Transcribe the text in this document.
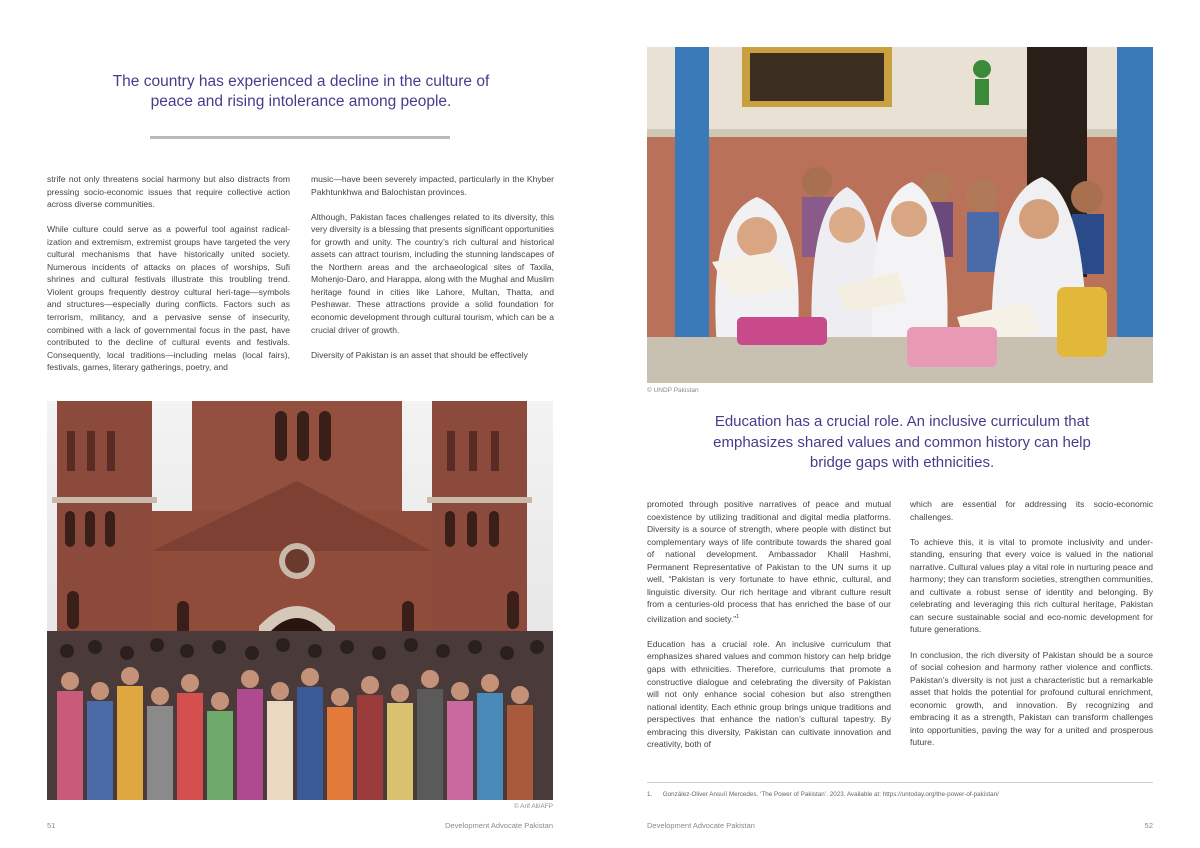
The country has experienced a decline in the culture of peace and rising intolerance among people.

strife not only threatens social harmony but also distracts from pressing socio-economic issues that require collective action across diverse communities.

While culture could serve as a powerful tool against radical-ization and extremism, extremist groups have targeted the very cultural mechanisms that have historically united society. Numerous incidents of attacks on places of worships, Sufi shrines and cultural festivals illustrate this troubling trend. Violent groups frequently destroy cultural heri-tage—symbols and structures—especially during conflicts. Factors such as terrorism, militancy, and a pervasive sense of insecurity, combined with a lack of governmental focus in the past, have contributed to the decline of cultural events and festivals. Consequently, local traditions—including melas (local fairs), festivals, games, literary gatherings, poetry, and

music—have been severely impacted, particularly in the Khyber Pakhtunkhwa and Balochistan provinces.

Although, Pakistan faces challenges related to its diversity, this very diversity is a blessing that presents significant opportunities for growth and unity. The country’s rich cultural and historical assets can attract tourism, including the stunning landscapes of the Northern areas and the archaeological sites of Taxila, Mohenjo-Daro, and Harappa, along with the Mughal and Muslim heritage found in cities like Lahore, Multan, Thatta, and Peshawar. These attractions provide a solid foundation for economic development through cultural tourism, which can be a crucial driver of growth.

Diversity of Pakistan is an asset that should be effectively

© Arif Ali/AFP
51	Development Advocate Pakistan
© UNDP Pakistan
Education has a crucial role. An inclusive curriculum that emphasizes shared values and common history can help bridge gaps with ethnicities.

promoted through positive narratives of peace and mutual coexistence by utilizing traditional and digital media platforms. Diversity is a source of strength, where people with distinct but complementary ways of life contribute towards the shared goal of national development. Ambassador Khalil Hashmi, Permanent Representative of Pakistan to the UN sums it up well, “Pakistan is very fortunate to have ethnic, cultural, and linguistic diversity. Our rich heritage and vibrant culture result from a centuries-old process that has enriched the base of our civilization and society.”$^1$

Education has a crucial role. An inclusive curriculum that emphasizes shared values and common history can help bridge gaps with ethnicities. Therefore, curriculums that promote a constructive dialogue and celebrating the diversity of Pakistan will not only enhance social cohesion but also strengthen national identity. Each ethnic group brings unique traditions and perspectives that enhance the nation’s cultural tapestry. By embracing this diversity, Pakistan can cultivate innovation and creativity, both of

which are essential for addressing its socio-economic challenges.

To achieve this, it is vital to promote inclusivity and under-standing, ensuring that every voice is valued in the national narrative. Cultural values play a vital role in nurturing peace and harmony; they can transform societies, strengthen communities, and cultivate a robust sense of identity and belonging. By celebrating and leveraging this rich cultural heritage, Pakistan can secure sustainable social and eco-nomic development for future generations.

In conclusion, the rich diversity of Pakistan should be a source of social cohesion and harmony rather violence and conflicts. Pakistan’s diversity is not just a characteristic but a remarkable asset that holds the potential for profound cultural enrichment, economic growth, and innovation. By recognizing and embracing it as a strength, Pakistan can transform challenges into opportunities, paving the way for a united and prosperous future.

1. González-Oliver Ansuíí Mercedes. ‘The Power of Pakistan’. 2023. Available at: https://untoday.org/the-power-of-pakistan/
Development Advocate Pakistan	52
